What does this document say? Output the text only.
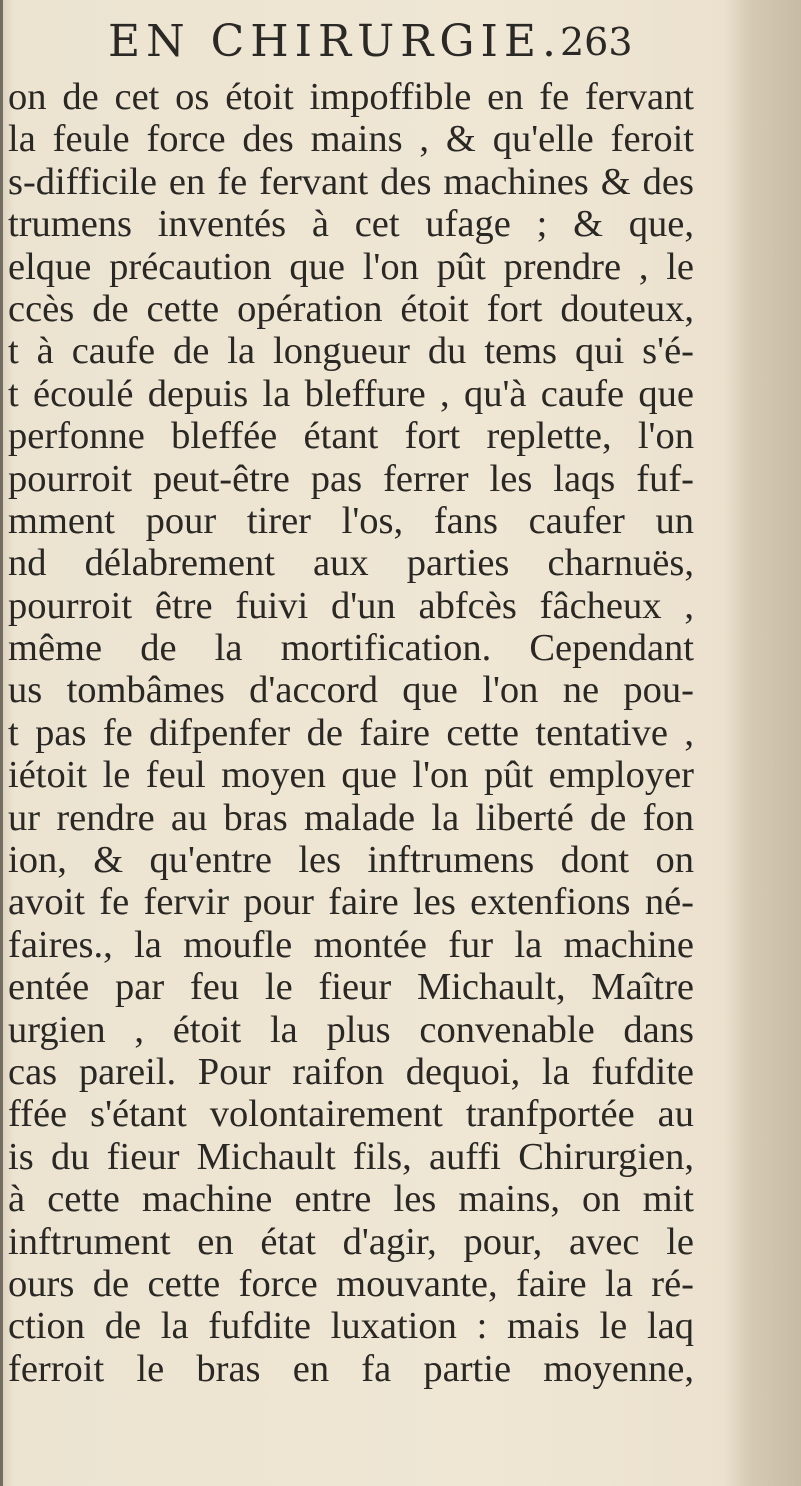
EN CHIRURGIE.
263
on de cet os étoit impoffible en fe fervant
la feule force des mains , & qu'elle feroit
s-difficile en fe fervant des machines & des
trumens inventés à cet ufage ; & que,
elque précaution que l'on pût prendre , le
ccès de cette opération étoit fort douteux,
t à caufe de la longueur du tems qui s'é-
t écoulé depuis la bleffure , qu'à caufe que
perfonne bleffée étant fort replette, l'on
pourroit peut-être pas ferrer les laqs fuf-
mment pour tirer l'os, fans caufer un
nd délabrement aux parties charnuës,
pourroit être fuivi d'un abfcès fâcheux ,
même de la mortification. Cependant
us tombâmes d'accord que l'on ne pou-
t pas fe difpenfer de faire cette tentative ,
iétoit le feul moyen que l'on pût employer
ur rendre au bras malade la liberté de fon
ion, & qu'entre les inftrumens dont on
avoit fe fervir pour faire les extenfions né-
faires., la moufle montée fur la machine
entée par feu le fieur Michault, Maître
urgien , étoit la plus convenable dans
cas pareil. Pour raifon dequoi, la fufdite
ffée s'étant volontairement tranfportée au
is du fieur Michault fils, auffi Chirurgien,
à cette machine entre les mains, on mit
inftrument en état d'agir, pour, avec le
ours de cette force mouvante, faire la ré-
ction de la fufdite luxation : mais le laq
ferroit le bras en fa partie moyenne,
